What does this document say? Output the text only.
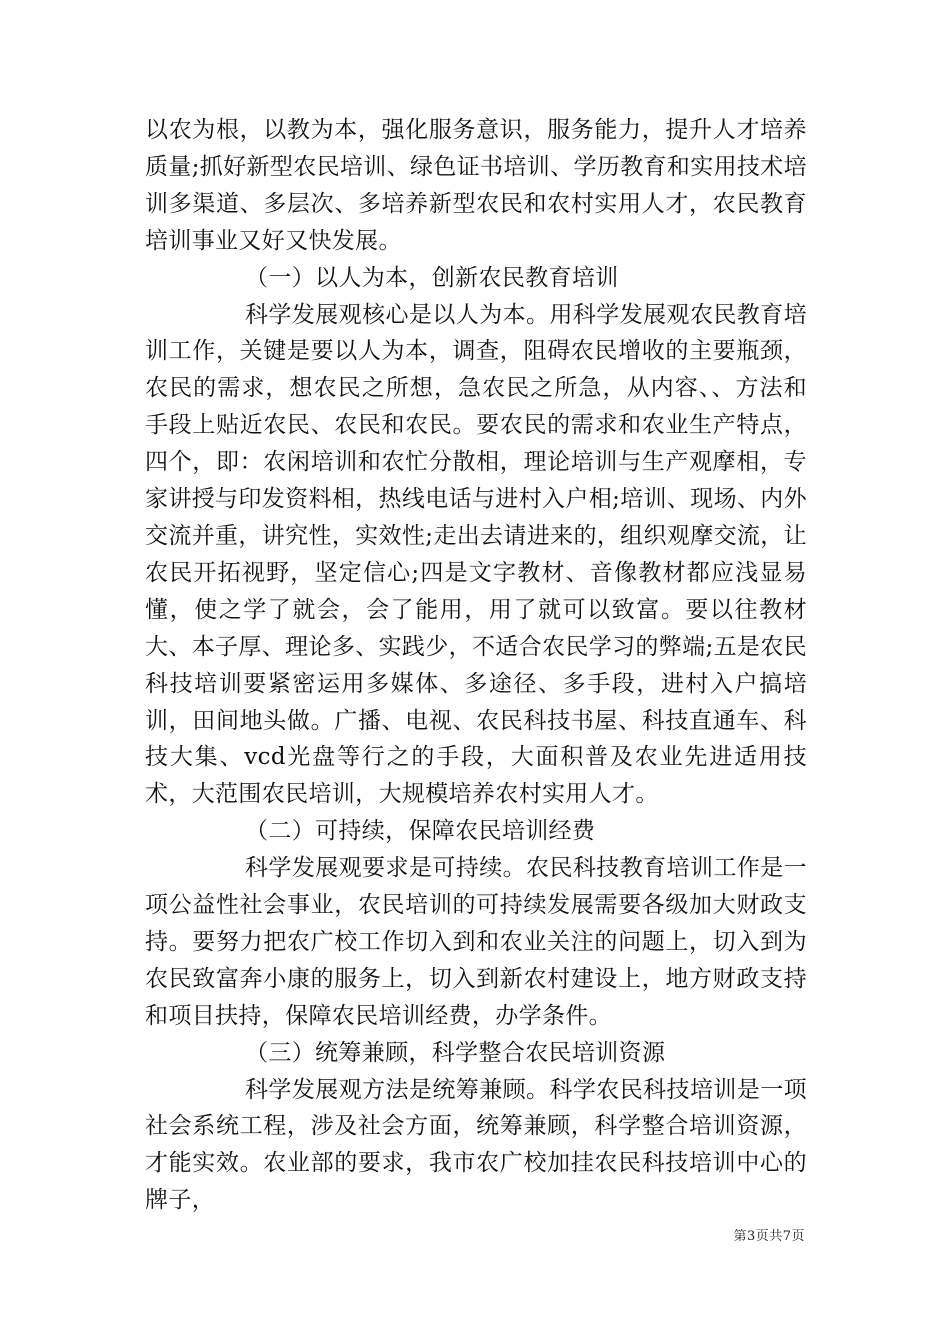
以农为根，以教为本，强化服务意识，服务能力，提升人才培养质量;抓好新型农民培训、绿色证书培训、学历教育和实用技术培训多渠道、多层次、多培养新型农民和农村实用人才，农民教育培训事业又好又快发展。

（一）以人为本，创新农民教育培训

科学发展观核心是以人为本。用科学发展观农民教育培训工作，关键是要以人为本，调查，阻碍农民增收的主要瓶颈，农民的需求，想农民之所想，急农民之所急，从内容、、方法和手段上贴近农民、农民和农民。要农民的需求和农业生产特点，四个，即：农闲培训和农忙分散相，理论培训与生产观摩相，专家讲授与印发资料相，热线电话与进村入户相;培训、现场、内外交流并重，讲究性，实效性;走出去请进来的，组织观摩交流，让农民开拓视野，坚定信心;四是文字教材、音像教材都应浅显易懂，使之学了就会，会了能用，用了就可以致富。要以往教材大、本子厚、理论多、实践少，不适合农民学习的弊端;五是农民科技培训要紧密运用多媒体、多途径、多手段，进村入户搞培训，田间地头做。广播、电视、农民科技书屋、科技直通车、科技大集、vcd光盘等行之的手段，大面积普及农业先进适用技术，大范围农民培训，大规模培养农村实用人才。

（二）可持续，保障农民培训经费

科学发展观要求是可持续。农民科技教育培训工作是一项公益性社会事业，农民培训的可持续发展需要各级加大财政支持。要努力把农广校工作切入到和农业关注的问题上，切入到为农民致富奔小康的服务上，切入到新农村建设上，地方财政支持和项目扶持，保障农民培训经费，办学条件。

（三）统筹兼顾，科学整合农民培训资源

科学发展观方法是统筹兼顾。科学农民科技培训是一项社会系统工程，涉及社会方面，统筹兼顾，科学整合培训资源，才能实效。农业部的要求，我市农广校加挂农民科技培训中心的牌子，

第3页共7页
